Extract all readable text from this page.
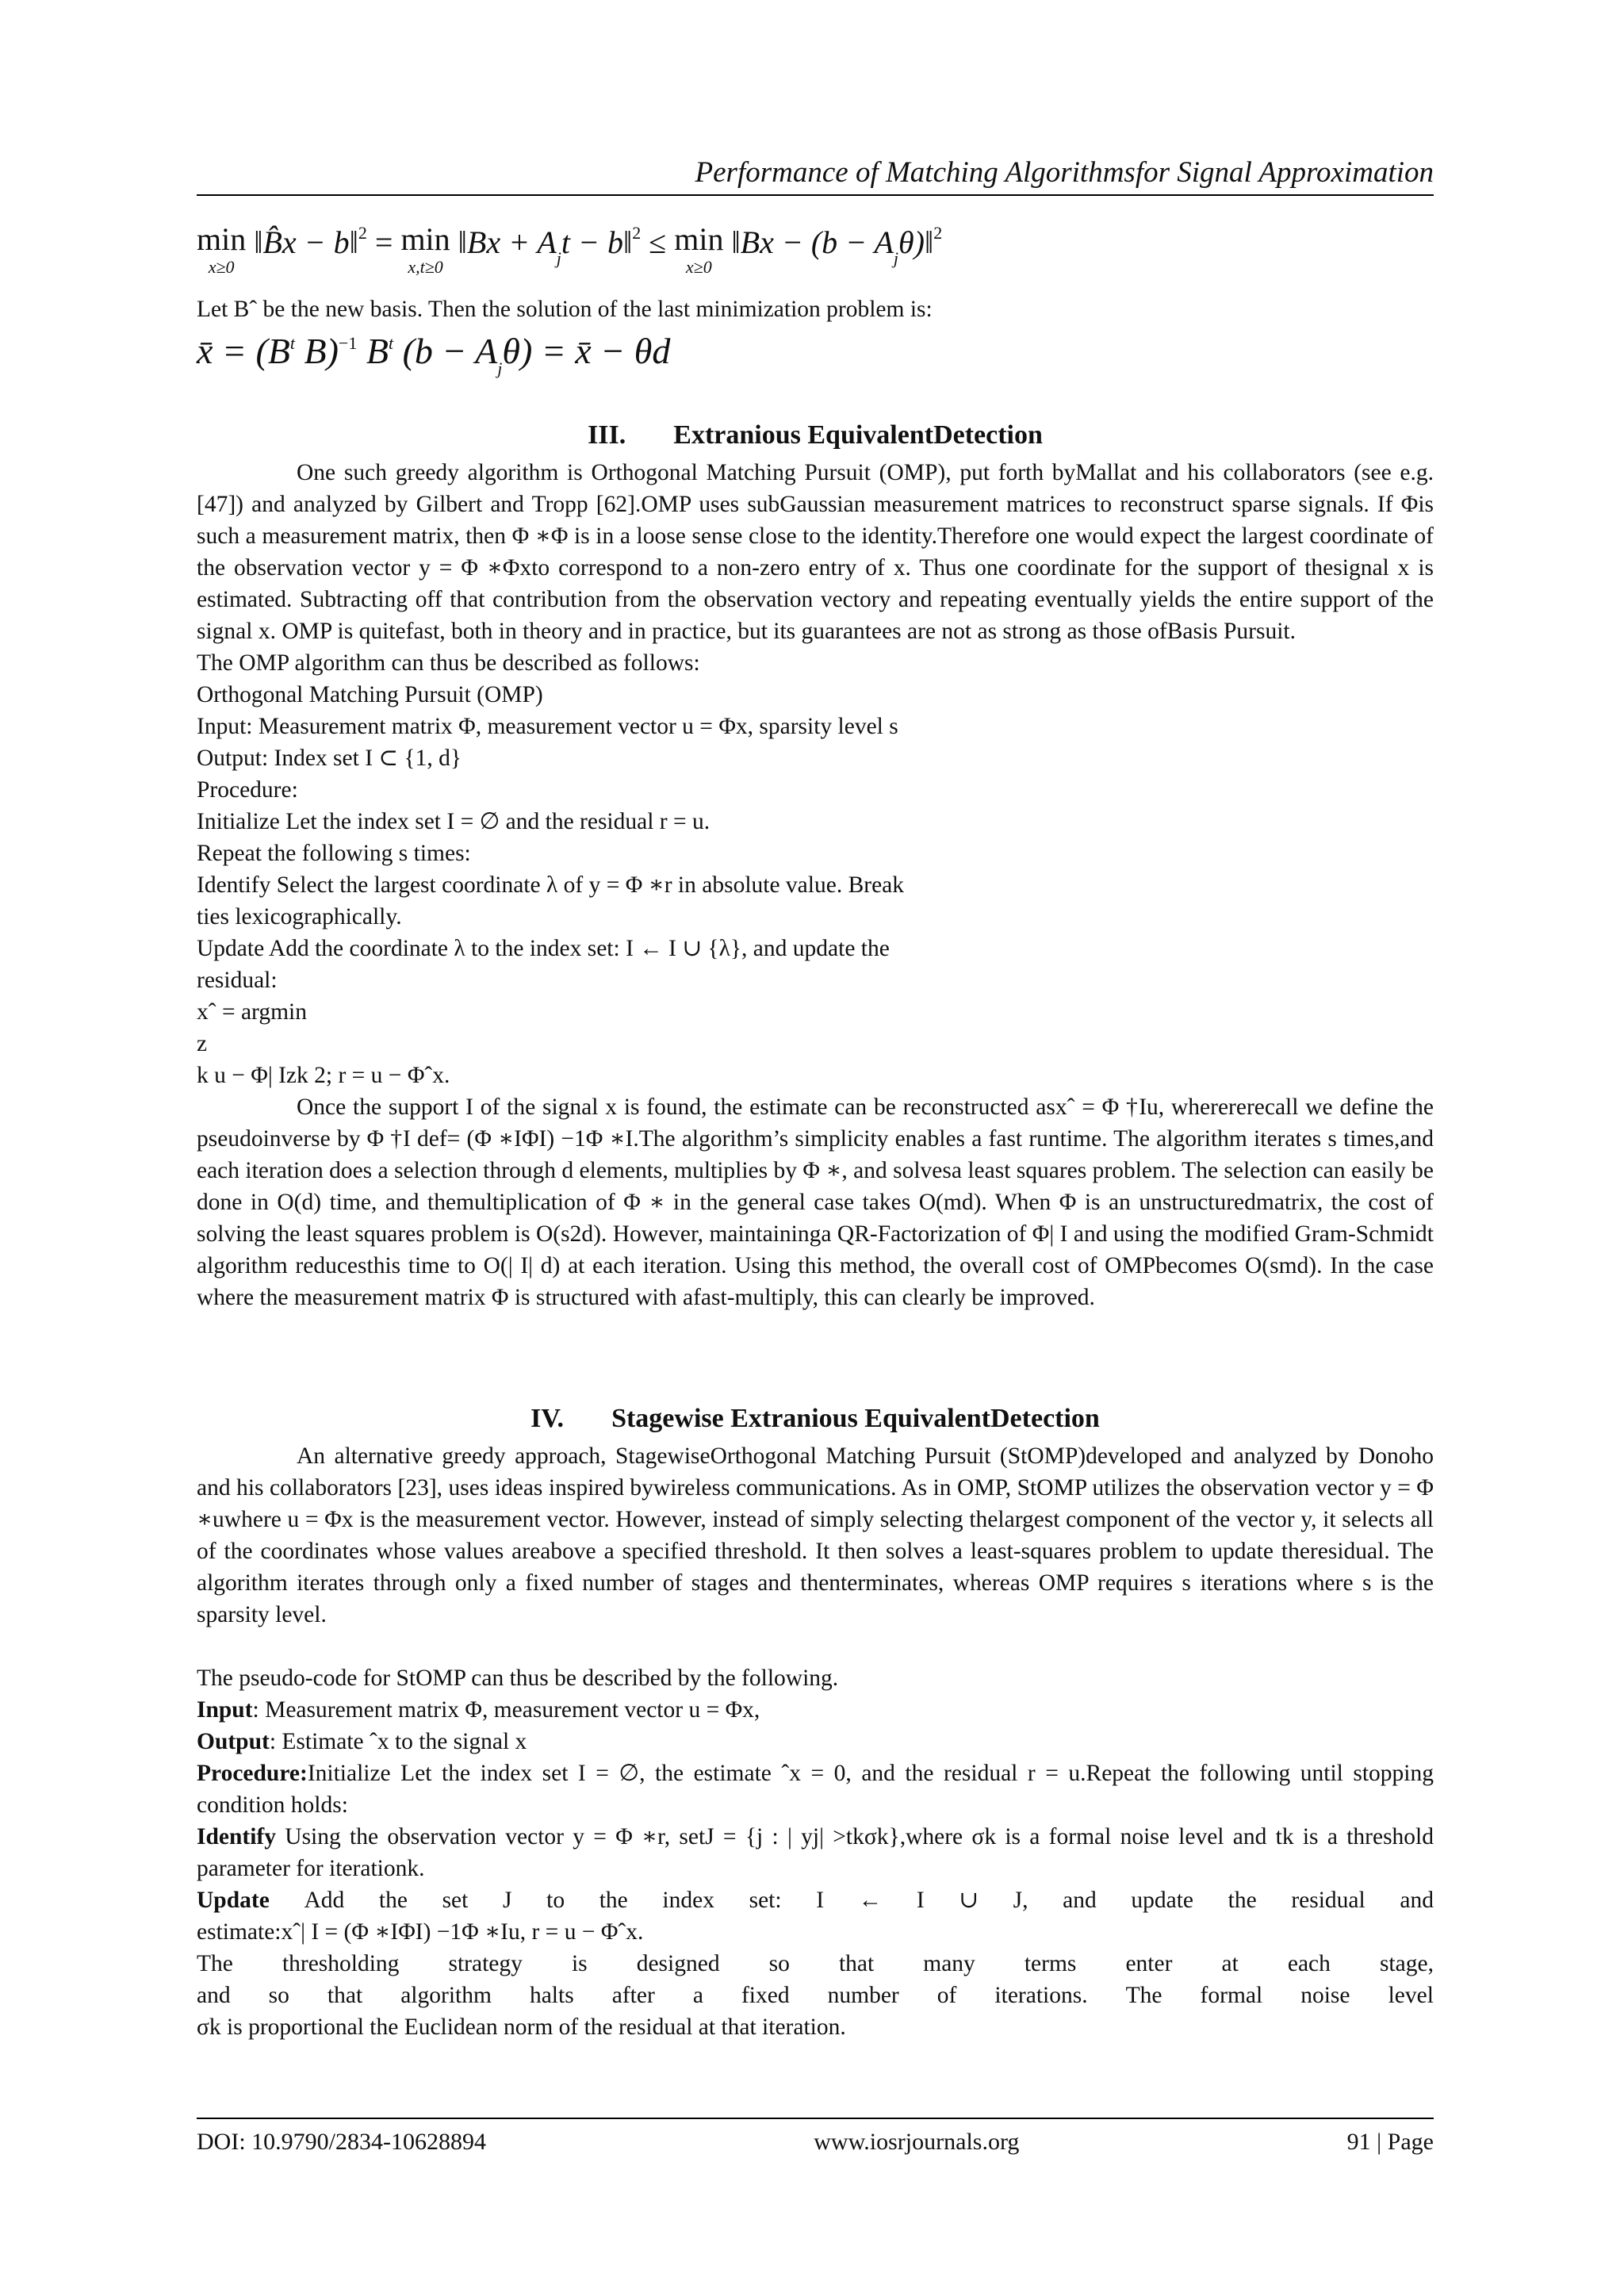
Performance of Matching Algorithmsfor Signal Approximation
min
x≥0
‖B̂x − b‖$^2$ = min
x,t≥0
‖Bx + $A_jt$ − b‖$^2$ ≤ min
x≥0
‖Bx − $(b - A_j\theta)‖^2$
Let Bˆ be the new basis. Then the solution of the last minimization problem is:
x̄ = ($B^t$ B)$^{-1}$ $B^t$ $(b - A_j\theta)$ = x̄ − θd
III. Extranious EquivalentDetection
One such greedy algorithm is Orthogonal Matching Pursuit (OMP), put forth byMallat and his collaborators (see e.g. [47]) and analyzed by Gilbert and Tropp [62].OMP uses subGaussian measurement matrices to reconstruct sparse signals. If Φis such a measurement matrix, then Φ ∗Φ is in a loose sense close to the identity.Therefore one would expect the largest coordinate of the observation vector y = Φ ∗Φxto correspond to a non-zero entry of x. Thus one coordinate for the support of thesignal x is estimated. Subtracting off that contribution from the observation vectory and repeating eventually yields the entire support of the signal x. OMP is quitefast, both in theory and in practice, but its guarantees are not as strong as those ofBasis Pursuit.
The OMP algorithm can thus be described as follows:
Orthogonal Matching Pursuit (OMP)
Input: Measurement matrix Φ, measurement vector u = Φx, sparsity level s
Output: Index set I ⊂ {1, d}
Procedure:
Initialize Let the index set I = ∅ and the residual r = u.
Repeat the following s times:
Identify Select the largest coordinate λ of y = Φ ∗r in absolute value. Break
ties lexicographically.
Update Add the coordinate λ to the index set: I ← I ∪ {λ}, and update the
residual:
xˆ = argmin
z
k u − Φ| Izk 2; r = u − Φˆx.
Once the support I of the signal x is found, the estimate can be reconstructed asxˆ = Φ †Iu, wherererecall we define the pseudoinverse by Φ †I def= (Φ ∗IΦI) −1Φ ∗I.The algorithm’s simplicity enables a fast runtime. The algorithm iterates s times,and each iteration does a selection through d elements, multiplies by Φ ∗, and solvesa least squares problem. The selection can easily be done in O(d) time, and themultiplication of Φ ∗ in the general case takes O(md). When Φ is an unstructuredmatrix, the cost of solving the least squares problem is O(s2d). However, maintaininga QR-Factorization of Φ| I and using the modified Gram-Schmidt algorithm reducesthis time to O(| I| d) at each iteration. Using this method, the overall cost of OMPbecomes O(smd). In the case where the measurement matrix Φ is structured with afast-multiply, this can clearly be improved.
IV. Stagewise Extranious EquivalentDetection
An alternative greedy approach, StagewiseOrthogonal Matching Pursuit (StOMP)developed and analyzed by Donoho and his collaborators [23], uses ideas inspired bywireless communications. As in OMP, StOMP utilizes the observation vector y = Φ ∗uwhere u = Φx is the measurement vector. However, instead of simply selecting thelargest component of the vector y, it selects all of the coordinates whose values areabove a specified threshold. It then solves a least-squares problem to update theresidual. The algorithm iterates through only a fixed number of stages and thenterminates, whereas OMP requires s iterations where s is the sparsity level.
The pseudo-code for StOMP can thus be described by the following.
Input: Measurement matrix Φ, measurement vector u = Φx,
Output: Estimate ˆx to the signal x
Procedure:Initialize Let the index set I = ∅, the estimate ˆx = 0, and the residual r = u.Repeat the following until stopping condition holds:
Identify Using the observation vector y = Φ ∗r, setJ = {j : | yj| >tkσk},where σk is a formal noise level and tk is a threshold parameter for iterationk.
Update Add the set J to the index set: I ← I ∪ J, and update the residual and
estimate:xˆ| I = (Φ ∗IΦI) −1Φ ∗Iu, r = u − Φˆx.
The thresholding strategy is designed so that many terms enter at each stage,
and so that algorithm halts after a fixed number of iterations. The formal noise level
σk is proportional the Euclidean norm of the residual at that iteration.
DOI: 10.9790/2834-10628894	www.iosrjournals.org	91 | Page
